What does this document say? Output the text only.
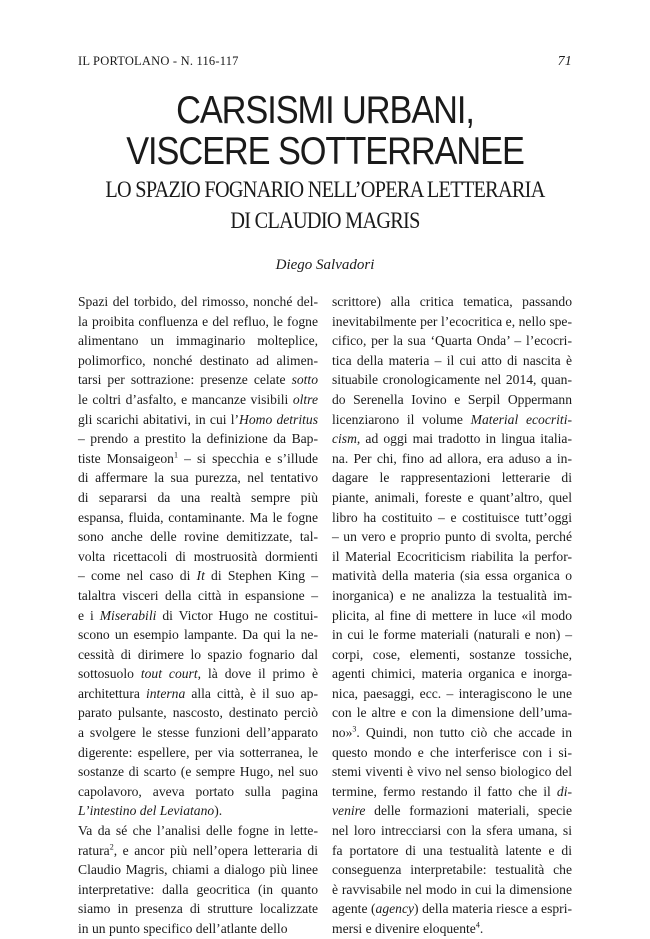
IL PORTOLANO - N. 116-117	71
CARSISMI URBANI,
VISCERE SOTTERRANEE
LO SPAZIO FOGNARIO NELL’OPERA LETTERARIA
DI CLAUDIO MAGRIS
Diego Salvadori
Spazi del torbido, del rimosso, nonché del-
la proibita confluenza e del refluo, le fogne
alimentano un immaginario molteplice,
polimorfico, nonché destinato ad alimen-
tarsi per sottrazione: presenze celate sotto
le coltri d’asfalto, e mancanze visibili oltre
gli scarichi abitativi, in cui l’Homo detritus
– prendo a prestito la definizione da Bap-
tiste Monsaigeon$^1$ – si specchia e s’illude
di affermare la sua purezza, nel tentativo
di separarsi da una realtà sempre più
espansa, fluida, contaminante. Ma le fogne
sono anche delle rovine demitizzate, tal-
volta ricettacoli di mostruosità dormienti
– come nel caso di It di Stephen King –
talaltra visceri della città in espansione –
e i Miserabili di Victor Hugo ne costitui-
scono un esempio lampante. Da qui la ne-
cessità di dirimere lo spazio fognario dal
sottosuolo tout court, là dove il primo è
architettura interna alla città, è il suo ap-
parato pulsante, nascosto, destinato perciò
a svolgere le stesse funzioni dell’apparato
digerente: espellere, per via sotterranea, le
sostanze di scarto (e sempre Hugo, nel suo
capolavoro, aveva portato sulla pagina
L’intestino del Leviatano).
Va da sé che l’analisi delle fogne in lette-
ratura$^2$, e ancor più nell’opera letteraria di
Claudio Magris, chiami a dialogo più linee
interpretative: dalla geocritica (in quanto
siamo in presenza di strutture localizzate
in un punto specifico dell’atlante dello
scrittore) alla critica tematica, passando
inevitabilmente per l’ecocritica e, nello spe-
cifico, per la sua ‘Quarta Onda’ – l’ecocri-
tica della materia – il cui atto di nascita è
situabile cronologicamente nel 2014, quan-
do Serenella Iovino e Serpil Oppermann
licenziarono il volume Material ecocriti-
cism, ad oggi mai tradotto in lingua italia-
na. Per chi, fino ad allora, era aduso a in-
dagare le rappresentazioni letterarie di
piante, animali, foreste e quant’altro, quel
libro ha costituito – e costituisce tutt’oggi
– un vero e proprio punto di svolta, perché
il Material Ecocriticism riabilita la perfor-
matività della materia (sia essa organica o
inorganica) e ne analizza la testualità im-
plicita, al fine di mettere in luce «il modo
in cui le forme materiali (naturali e non) –
corpi, cose, elementi, sostanze tossiche,
agenti chimici, materia organica e inorga-
nica, paesaggi, ecc. – interagiscono le une
con le altre e con la dimensione dell’uma-
no»$^3$. Quindi, non tutto ciò che accade in
questo mondo e che interferisce con i si-
stemi viventi è vivo nel senso biologico del
termine, fermo restando il fatto che il di-
venire delle formazioni materiali, specie
nel loro intrecciarsi con la sfera umana, si
fa portatore di una testualità latente e di
conseguenza interpretabile: testualità che
è ravvisabile nel modo in cui la dimensione
agente (agency) della materia riesce a espri-
mersi e divenire eloquente$^4$.
